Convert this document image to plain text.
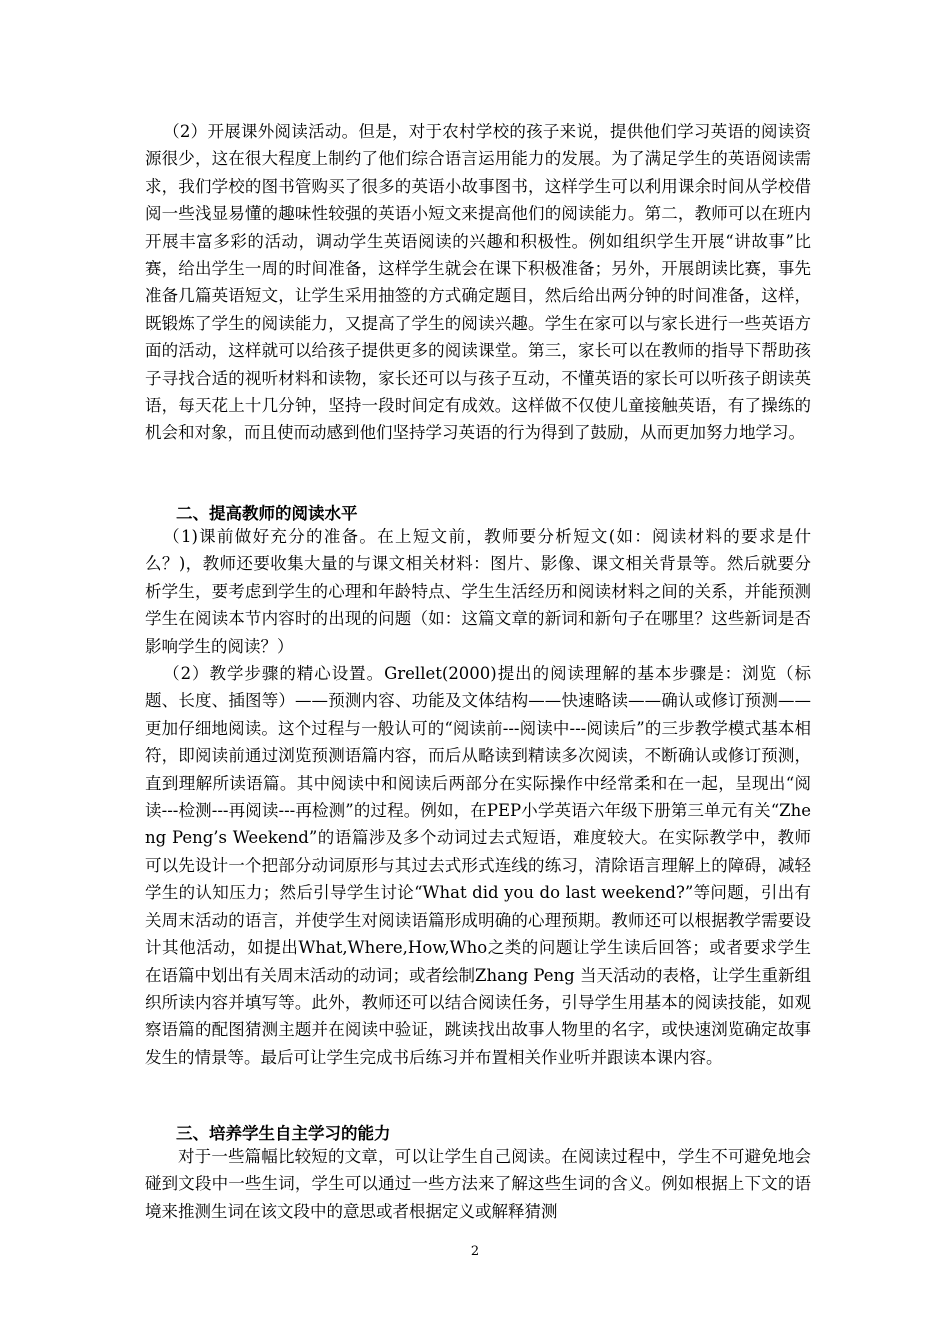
（2）开展课外阅读活动。但是，对于农村学校的孩子来说，提供他们学习英语的阅读资源很少，这在很大程度上制约了他们综合语言运用能力的发展。为了满足学生的英语阅读需求，我们学校的图书管购买了很多的英语小故事图书，这样学生可以利用课余时间从学校借阅一些浅显易懂的趣味性较强的英语小短文来提高他们的阅读能力。第二，教师可以在班内开展丰富多彩的活动，调动学生英语阅读的兴趣和积极性。例如组织学生开展“讲故事”比赛，给出学生一周的时间准备，这样学生就会在课下积极准备；另外，开展朗读比赛，事先准备几篇英语短文，让学生采用抽签的方式确定题目，然后给出两分钟的时间准备，这样，既锻炼了学生的阅读能力，又提高了学生的阅读兴趣。学生在家可以与家长进行一些英语方面的活动，这样就可以给孩子提供更多的阅读课堂。第三，家长可以在教师的指导下帮助孩子寻找合适的视听材料和读物，家长还可以与孩子互动，不懂英语的家长可以听孩子朗读英语，每天花上十几分钟，坚持一段时间定有成效。这样做不仅使儿童接触英语，有了操练的机会和对象，而且使而动感到他们坚持学习英语的行为得到了鼓励，从而更加努力地学习。

二、提高教师的阅读水平

（1)课前做好充分的准备。在上短文前，教师要分析短文(如：阅读材料的要求是什么？)，教师还要收集大量的与课文相关材料：图片、影像、课文相关背景等。然后就要分析学生，要考虑到学生的心理和年龄特点、学生生活经历和阅读材料之间的关系，并能预测学生在阅读本节内容时的出现的问题（如：这篇文章的新词和新句子在哪里？这些新词是否影响学生的阅读？）

（2）教学步骤的精心设置。Grellet(2000)提出的阅读理解的基本步骤是：浏览（标题、长度、插图等）——预测内容、功能及文体结构——快速略读——确认或修订预测——更加仔细地阅读。这个过程与一般认可的“阅读前---阅读中---阅读后”的三步教学模式基本相符，即阅读前通过浏览预测语篇内容，而后从略读到精读多次阅读，不断确认或修订预测，直到理解所读语篇。其中阅读中和阅读后两部分在实际操作中经常柔和在一起，呈现出“阅读---检测---再阅读---再检测”的过程。例如，在PEP小学英语六年级下册第三单元有关“Zheng Peng’s Weekend”的语篇涉及多个动词过去式短语，难度较大。在实际教学中，教师可以先设计一个把部分动词原形与其过去式形式连线的练习，清除语言理解上的障碍，减轻学生的认知压力；然后引导学生讨论“What did you do last weekend?”等问题，引出有关周末活动的语言，并使学生对阅读语篇形成明确的心理预期。教师还可以根据教学需要设计其他活动，如提出What,Where,How,Who之类的问题让学生读后回答；或者要求学生在语篇中划出有关周末活动的动词；或者绘制Zhang Peng 当天活动的表格，让学生重新组织所读内容并填写等。此外，教师还可以结合阅读任务，引导学生用基本的阅读技能，如观察语篇的配图猜测主题并在阅读中验证，跳读找出故事人物里的名字，或快速浏览确定故事发生的情景等。最后可让学生完成书后练习并布置相关作业听并跟读本课内容。

三、培养学生自主学习的能力

对于一些篇幅比较短的文章，可以让学生自己阅读。在阅读过程中，学生不可避免地会碰到文段中一些生词，学生可以通过一些方法来了解这些生词的含义。例如根据上下文的语境来推测生词在该文段中的意思或者根据定义或解释猜测

2
